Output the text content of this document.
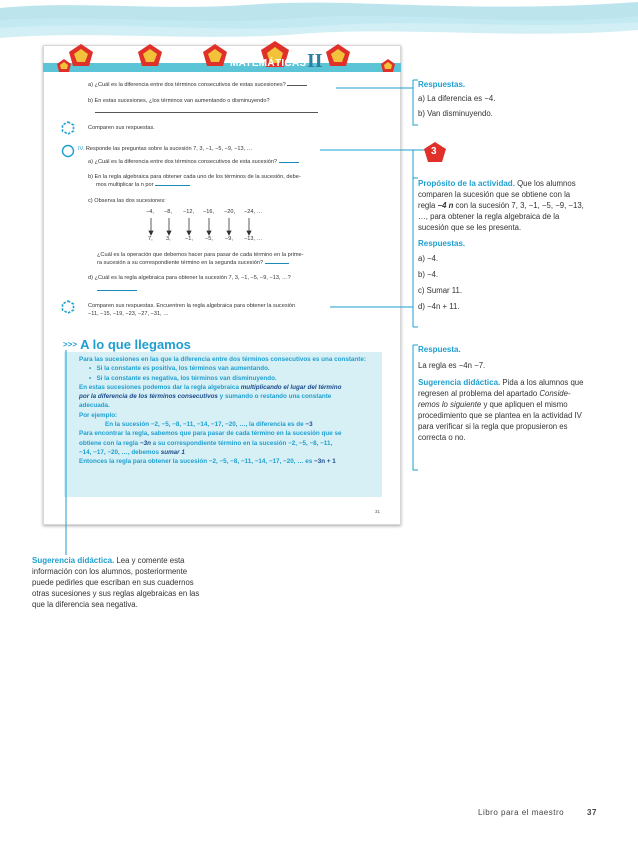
MATEMÁTICAS II
a) ¿Cuál es la diferencia entre dos términos consecutivos de estas sucesiones?
b) En estas sucesiones, ¿los términos van aumentando o disminuyendo?
Comparen sus respuestas.
IV. Responde las preguntas sobre la sucesión 7, 3, −1, −5, −9, −13, …
a) ¿Cuál es la diferencia entre dos términos consecutivos de esta sucesión?
b) En la regla algebraica para obtener cada uno de los términos de la sucesión, debe-
mos multiplicar la n por
c) Observa las dos sucesiones:
−4, −8, −12, −16, −20, −24, …
7, 3,	−1, −5, −9, −13, …
¿Cuál es la operación que debemos hacer para pasar de cada término en la prime-
ra sucesión a su correspondiente término en la segunda sucesión?
d) ¿Cuál es la regla algebraica para obtener la sucesión 7, 3, −1, −5, −9, −13, …?
Comparen sus respuestas. Encuentren la regla algebraica para obtener la sucesión
−11, −15, −19, −23, −27, −31, …
>>> A lo que llegamos
Para las sucesiones en las que la diferencia entre dos términos consecutivos es una constante:
•   Si la constante es positiva, los términos van aumentando.
•   Si la constante es negativa, los términos van disminuyendo.
En estas sucesiones podemos dar la regla algebraica multiplicando el lugar del término
por la diferencia de los términos consecutivos y sumando o restando una constante
adecuada.
Por ejemplo:
En la sucesión −2, −5, −8, −11, −14, −17, −20, …, la diferencia es de −3
Para encontrar la regla, sabemos que para pasar de cada término en la sucesión que se
obtiene con la regla −3n a su correspondiente término en la sucesión −2, −5, −8, −11,
−14, −17, −20, …, debemos sumar 1
Entonces la regla para obtener la sucesión −2, −5, −8, −11, −14, −17, −20, … es −3n + 1
31
Respuestas.
a) La diferencia es −4.
b) Van disminuyendo.
3
Propósito de la actividad. Que los alumnos
comparen la sucesión que se obtiene con la
regla −4 n con la sucesión 7, 3, −1, −5, −9, −13,
…, para obtener la regla algebraica de la
sucesión que se les presenta.
Respuestas.
a) −4.
b) −4.
c) Sumar 11.
d) −4n + 11.
Respuesta.
La regla es −4n −7.
Sugerencia didáctica. Pida a los alumnos que
regresen al problema del apartado Conside-
remos lo siguiente y que apliquen el mismo
procedimiento que se plantea en la actividad IV
para verificar si la regla que propusieron es
correcta o no.
Sugerencia didáctica. Lea y comente esta
información con los alumnos, posteriormente
puede pedirles que escriban en sus cuadernos
otras sucesiones y sus reglas algebraicas en las
que la diferencia sea negativa.
Libro para el maestro	37
